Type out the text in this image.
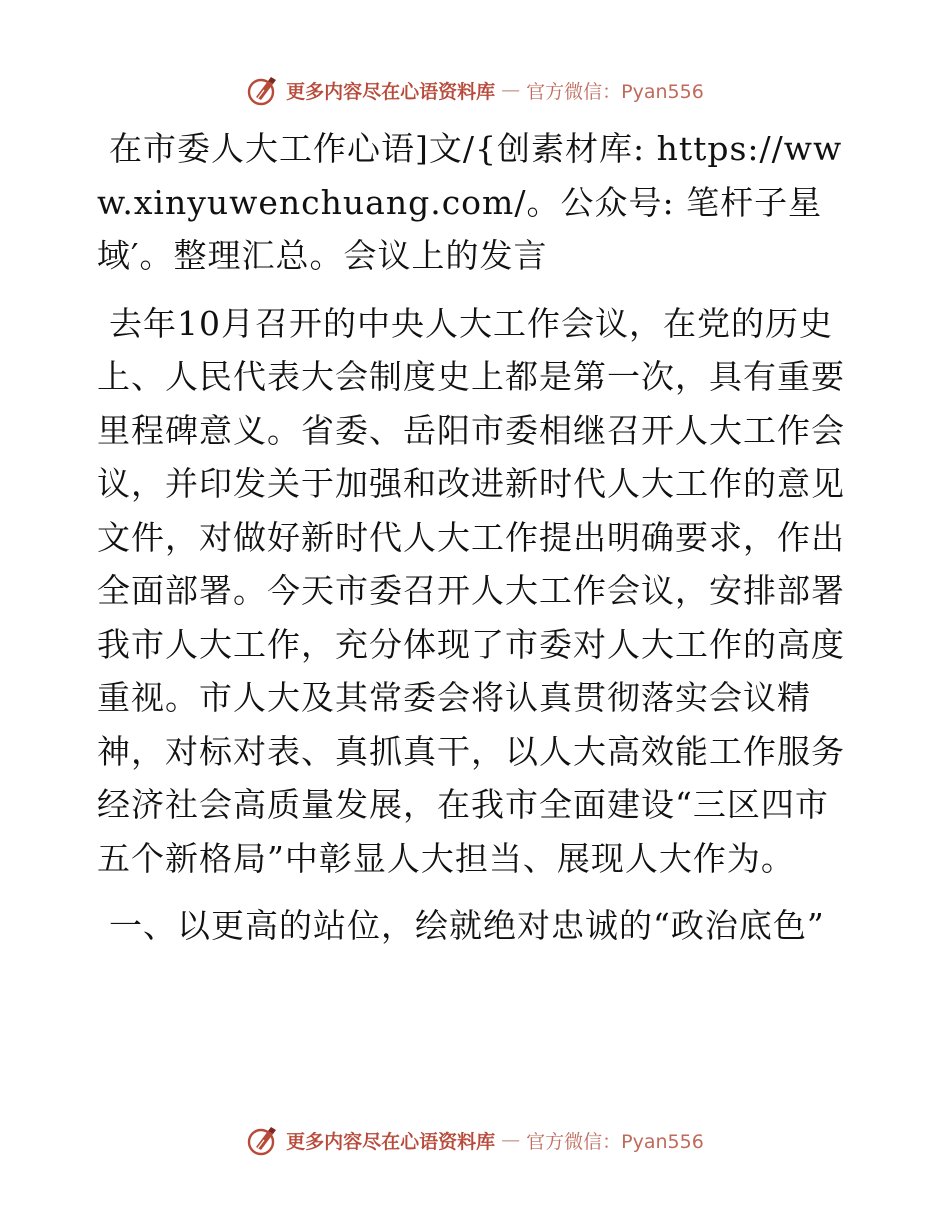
更多内容尽在心语资料库 — 官方微信：Pyan556

在市委人大工作心语]文/{创素材库: https://www.xinyuwenchuang.com/。公众号: 笔杆子星域′。整理汇总。会议上的发言

去年10月召开的中央人大工作会议，在党的历史上、人民代表大会制度史上都是第一次，具有重要里程碑意义。省委、岳阳市委相继召开人大工作会议，并印发关于加强和改进新时代人大工作的意见文件，对做好新时代人大工作提出明确要求，作出全面部署。今天市委召开人大工作会议，安排部署我市人大工作，充分体现了市委对人大工作的高度重视。市人大及其常委会将认真贯彻落实会议精神，对标对表、真抓真干，以人大高效能工作服务经济社会高质量发展，在我市全面建设“三区四市五个新格局”中彰显人大担当、展现人大作为。

一、以更高的站位，绘就绝对忠诚的“政治底色”

更多内容尽在心语资料库 — 官方微信：Pyan556
